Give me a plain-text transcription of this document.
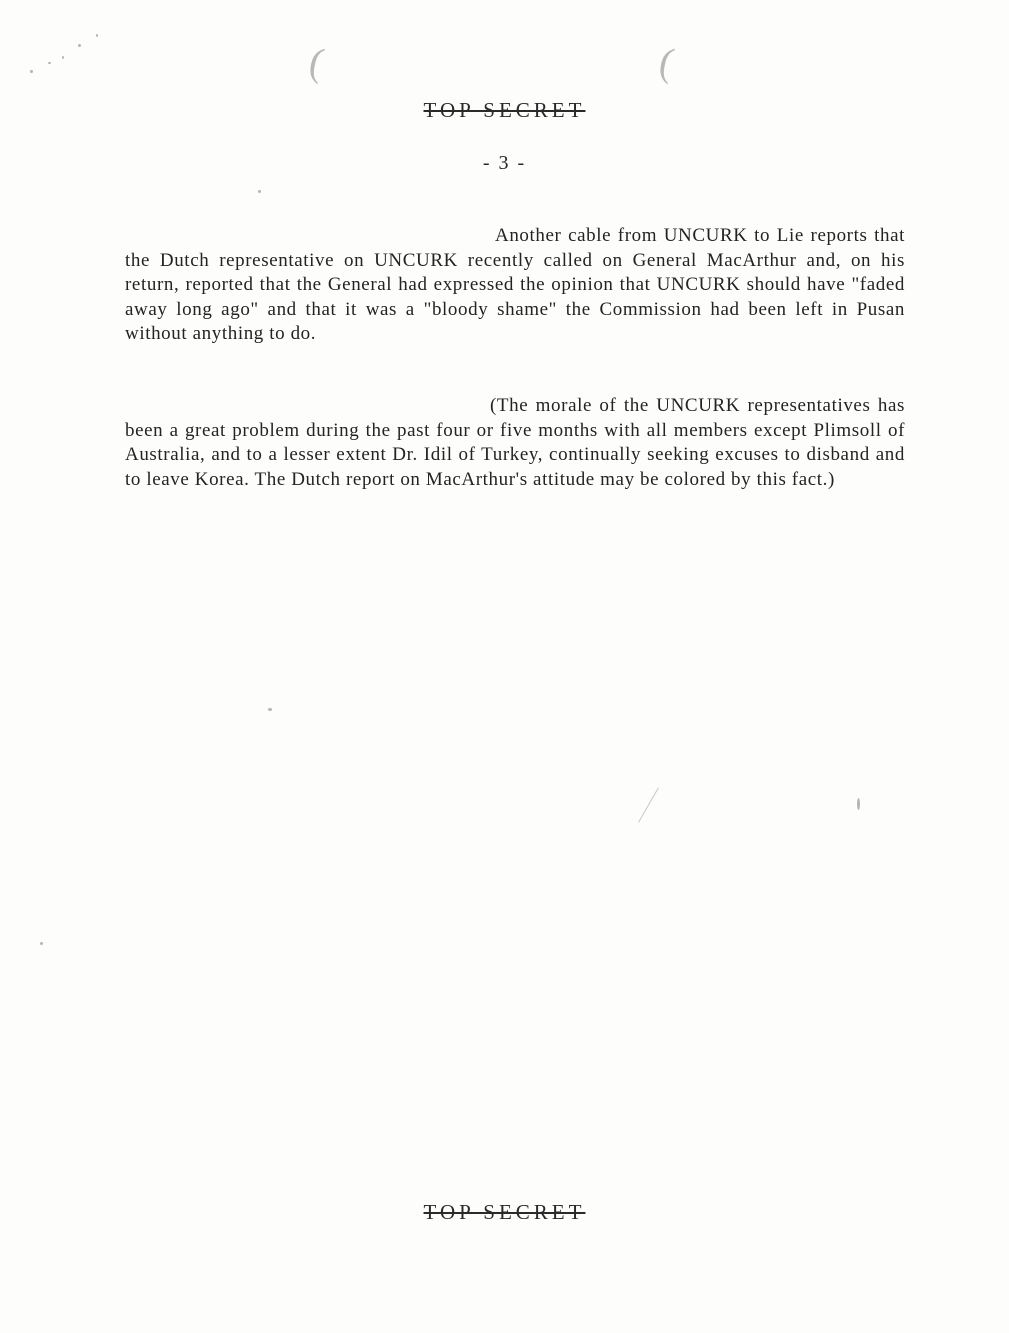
(	(
TOP SECRET
- 3 -
Another cable from UNCURK to Lie reports that the Dutch representative on UNCURK recently called on General MacArthur and, on his return, reported that the General had expressed the opinion that UNCURK should have "faded away long ago" and that it was a "bloody shame" the Commission had been left in Pusan without anything to do.
(The morale of the UNCURK representatives has been a great problem during the past four or five months with all members except Plimsoll of Australia, and to a lesser extent Dr. Idil of Turkey, continually seeking excuses to disband and to leave Korea. The Dutch report on MacArthur's attitude may be colored by this fact.)
TOP SECRET
